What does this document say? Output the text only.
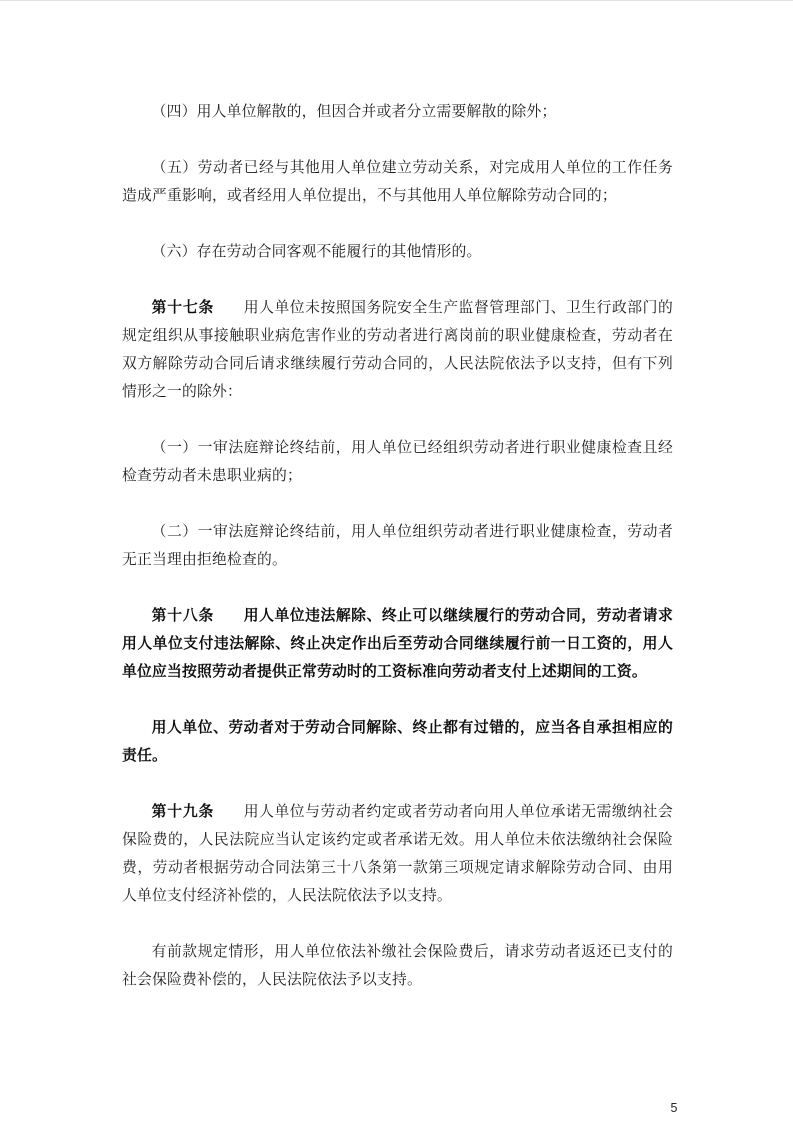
（四）用人单位解散的，但因合并或者分立需要解散的除外；

（五）劳动者已经与其他用人单位建立劳动关系，对完成用人单位的工作任务造成严重影响，或者经用人单位提出，不与其他用人单位解除劳动合同的；

（六）存在劳动合同客观不能履行的其他情形的。

第十七条 用人单位未按照国务院安全生产监督管理部门、卫生行政部门的规定组织从事接触职业病危害作业的劳动者进行离岗前的职业健康检查，劳动者在双方解除劳动合同后请求继续履行劳动合同的，人民法院依法予以支持，但有下列情形之一的除外：

（一）一审法庭辩论终结前，用人单位已经组织劳动者进行职业健康检查且经检查劳动者未患职业病的；

（二）一审法庭辩论终结前，用人单位组织劳动者进行职业健康检查，劳动者无正当理由拒绝检查的。

第十八条 用人单位违法解除、终止可以继续履行的劳动合同，劳动者请求用人单位支付违法解除、终止决定作出后至劳动合同继续履行前一日工资的，用人单位应当按照劳动者提供正常劳动时的工资标准向劳动者支付上述期间的工资。

用人单位、劳动者对于劳动合同解除、终止都有过错的，应当各自承担相应的责任。

第十九条 用人单位与劳动者约定或者劳动者向用人单位承诺无需缴纳社会保险费的，人民法院应当认定该约定或者承诺无效。用人单位未依法缴纳社会保险费，劳动者根据劳动合同法第三十八条第一款第三项规定请求解除劳动合同、由用人单位支付经济补偿的，人民法院依法予以支持。

有前款规定情形，用人单位依法补缴社会保险费后，请求劳动者返还已支付的社会保险费补偿的，人民法院依法予以支持。

5
